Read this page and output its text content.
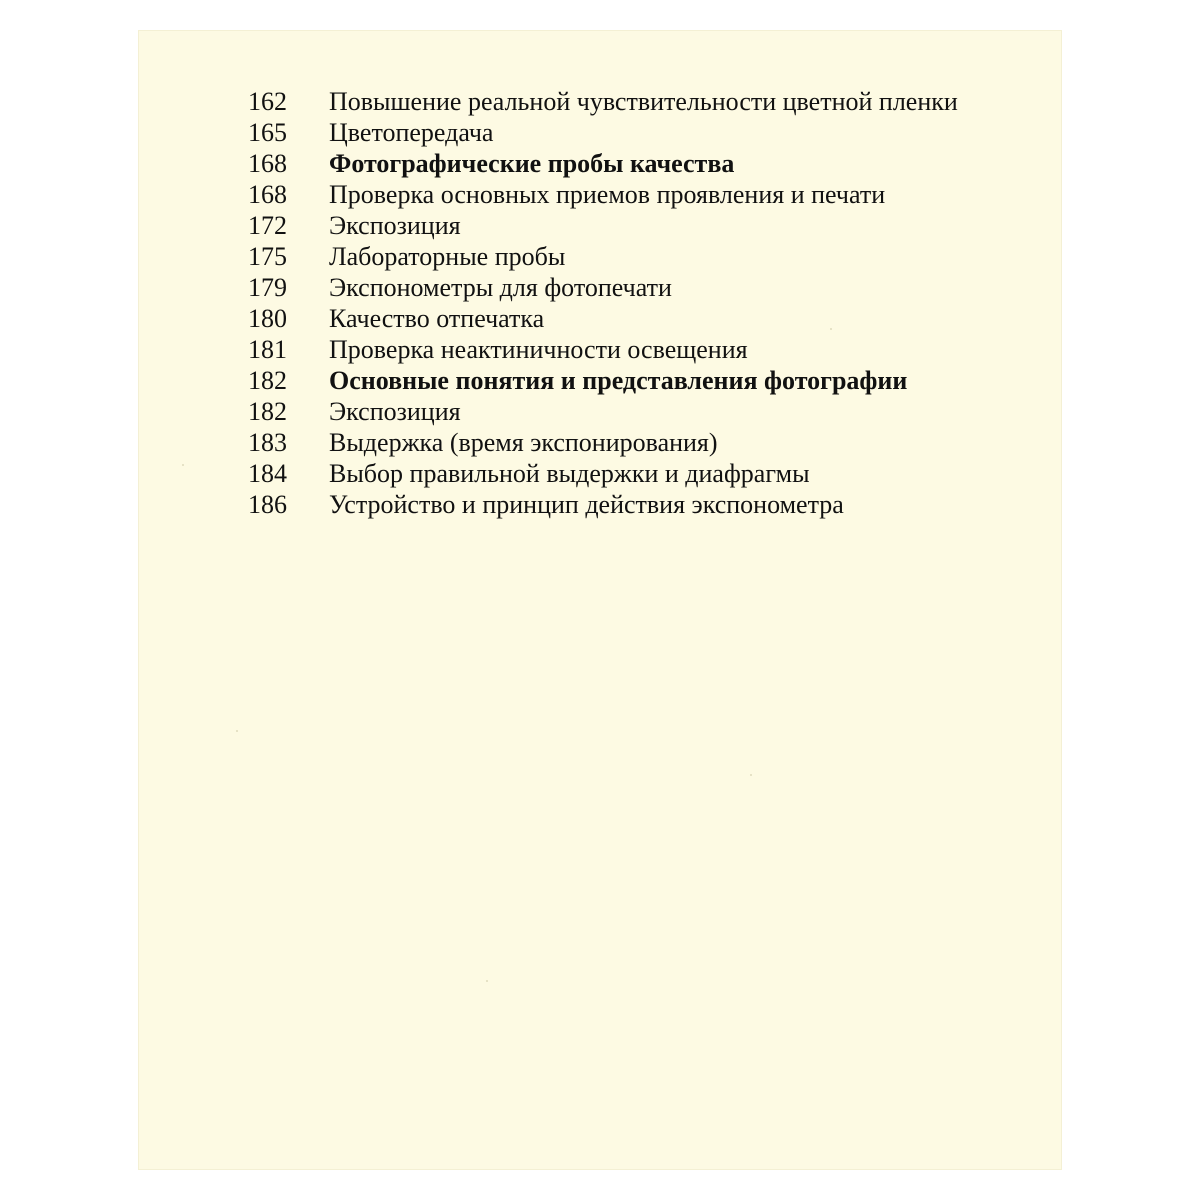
162	Повышение реальной чувствительности цветной пленки
165	Цветопередача
168	Фотографические пробы качества
168	Проверка основных приемов проявления и печати
172	Экспозиция
175	Лабораторные пробы
179	Экспонометры для фотопечати
180	Качество отпечатка
181	Проверка неактиничности освещения
182	Основные понятия и представления фотографии
182	Экспозиция
183	Выдержка (время экспонирования)
184	Выбор правильной выдержки и диафрагмы
186	Устройство и принцип действия экспонометра
